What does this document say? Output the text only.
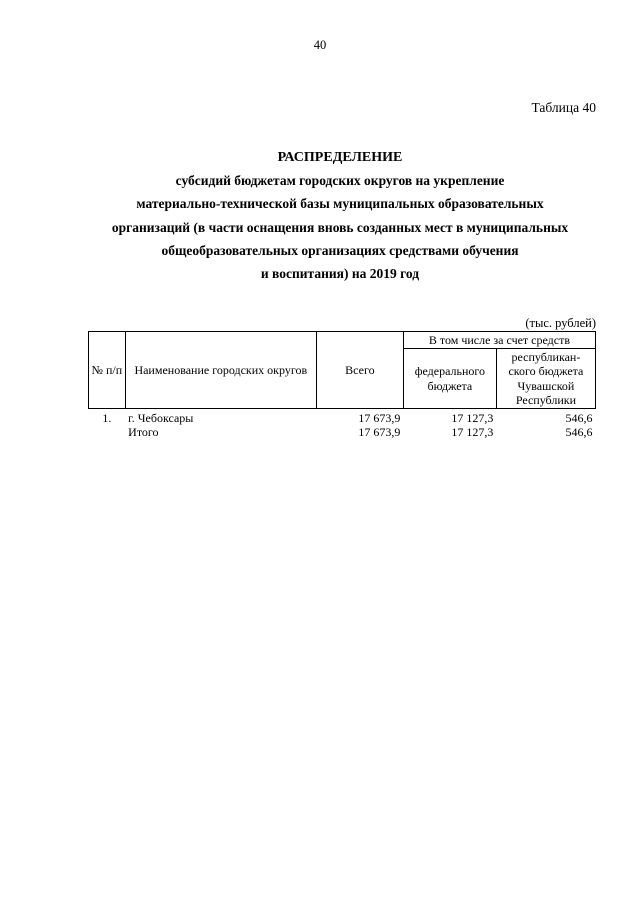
40
Таблица 40
РАСПРЕДЕЛЕНИЕ
субсидий бюджетам городских округов на укрепление
материально-технической базы муниципальных образовательных
организаций (в части оснащения вновь созданных мест в муниципальных
общеобразовательных организациях средствами обучения
и воспитания) на 2019 год
(тыс. рублей)
№ п/п	Наименование городских округов	Всего	В том числе за счет средств	
			федерального бюджета	республикан-ского бюджета Чувашской Республики
1.	г. Чебоксары	17 673,9	17 127,3	546,6
	Итого	17 673,9	17 127,3	546,6
